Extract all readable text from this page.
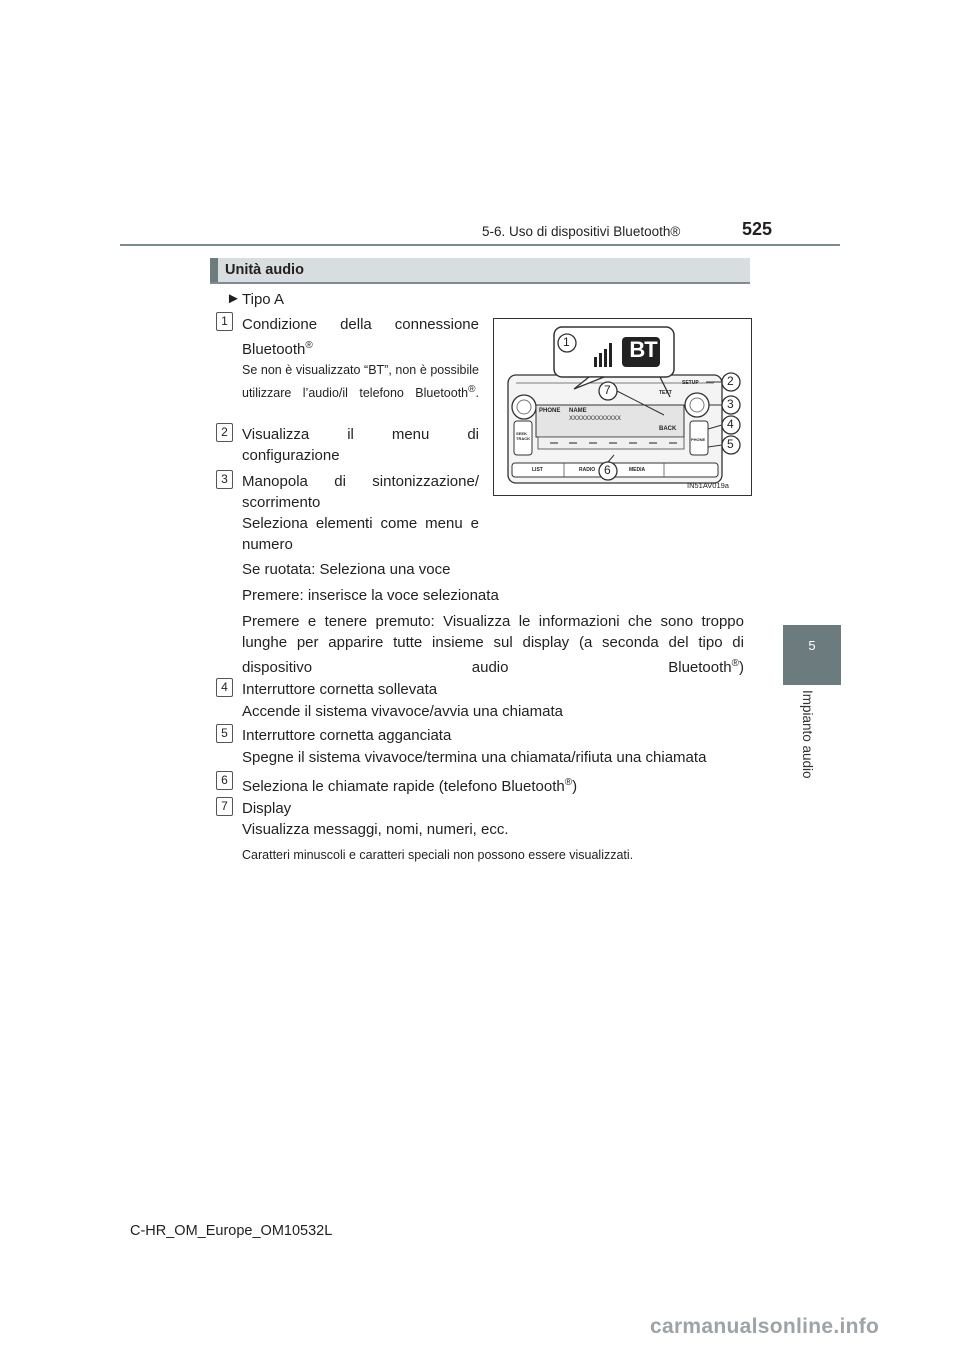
5-6. Uso di dispositivi Bluetooth®	525
5
Impianto audio
Unità audio
► Tipo A
BT
PHONE NAME
XXXXXXXXXXXXX
BACK
LIST	RADIO	MEDIA
SETUP
TEXT
SEEK TRACK	PHONE
1
2
3
4
5
6
7
IN51AV019a
1 Condizione della connessione Bluetooth®
Se non è visualizzato “BT”, non è possibile utilizzare l’audio/il telefono Bluetooth®.
2 Visualizza il menu di configurazione
3 Manopola di sintonizzazione/ scorrimento
Seleziona elementi come menu e numero
Se ruotata: Seleziona una voce
Premere: inserisce la voce selezionata
Premere e tenere premuto: Visualizza le informazioni che sono troppo lunghe per apparire tutte insieme sul display (a seconda del tipo di dispositivo audio Bluetooth®)
4 Interruttore cornetta sollevata
Accende il sistema vivavoce/avvia una chiamata
5 Interruttore cornetta agganciata
Spegne il sistema vivavoce/termina una chiamata/rifiuta una chiamata
6 Seleziona le chiamate rapide (telefono Bluetooth®)
7 Display
Visualizza messaggi, nomi, numeri, ecc.
Caratteri minuscoli e caratteri speciali non possono essere visualizzati.
C-HR_OM_Europe_OM10532L
carmanualsonline.info
